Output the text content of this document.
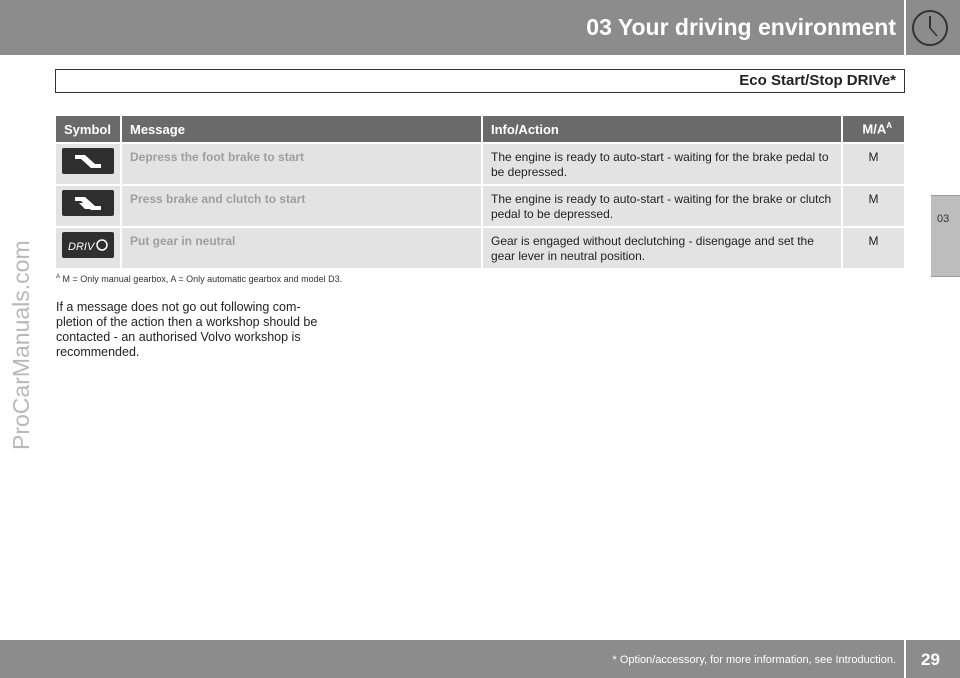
03 Your driving environment
Eco Start/Stop DRIVe*
03
ProCarManuals.com
Symbol	Message	Info/Action	$M/A^A$

	Depress the foot brake to start	The engine is ready to auto-start - waiting for the brake pedal to be depressed.	M

	Press brake and clutch to start	The engine is ready to auto-start - waiting for the brake or clutch pedal to be depressed.	M

DRIV	Put gear in neutral	Gear is engaged without declutching - disengage and set the gear lever in neutral position.	M
$^A$ M = Only manual gearbox, A = Only automatic gearbox and model D3.
If a message does not go out following com-pletion of the action then a workshop should be contacted - an authorised Volvo workshop is recommended.
* Option/accessory, for more information, see Introduction. 29
